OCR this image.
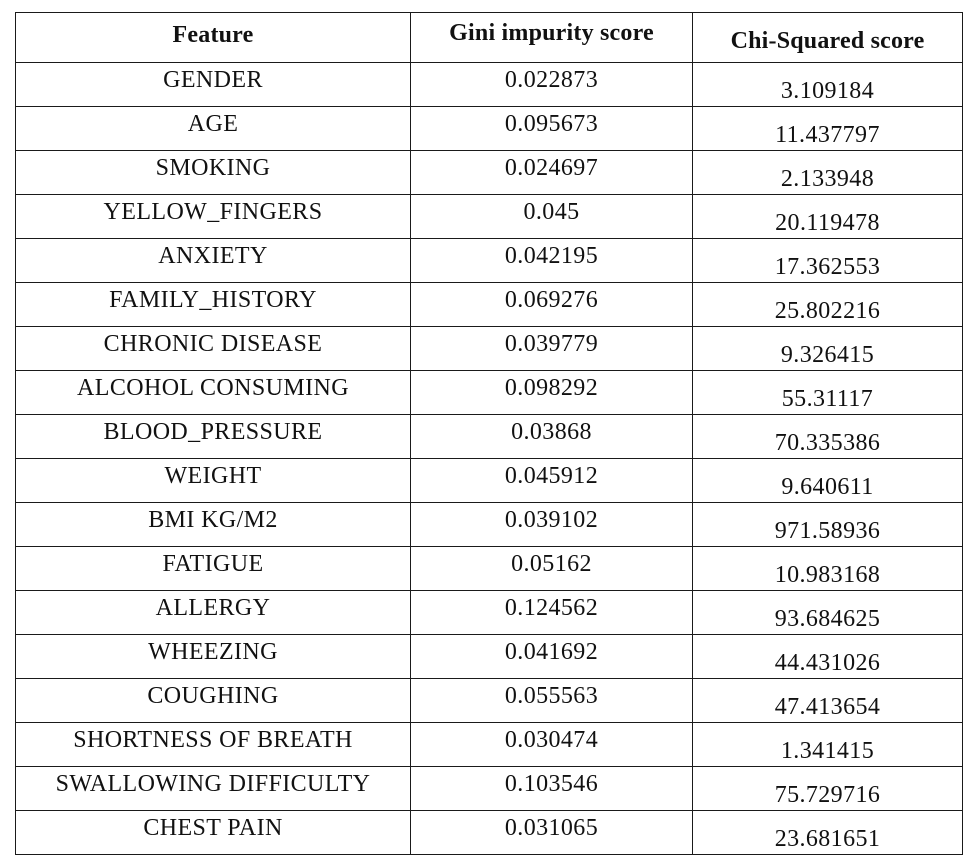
Feature	Gini impurity score	Chi-Squared score

GENDER	0.022873	3.109184

AGE	0.095673	11.437797

SMOKING	0.024697	2.133948

YELLOW_FINGERS	0.045	20.119478

ANXIETY	0.042195	17.362553

FAMILY_HISTORY	0.069276	25.802216

CHRONIC DISEASE	0.039779	9.326415

ALCOHOL CONSUMING	0.098292	55.31117

BLOOD_PRESSURE	0.03868	70.335386

WEIGHT	0.045912	9.640611

BMI KG/M2	0.039102	971.58936

FATIGUE	0.05162	10.983168

ALLERGY	0.124562	93.684625

WHEEZING	0.041692	44.431026

COUGHING	0.055563	47.413654

SHORTNESS OF BREATH	0.030474	1.341415

SWALLOWING DIFFICULTY	0.103546	75.729716

CHEST PAIN	0.031065	23.681651
